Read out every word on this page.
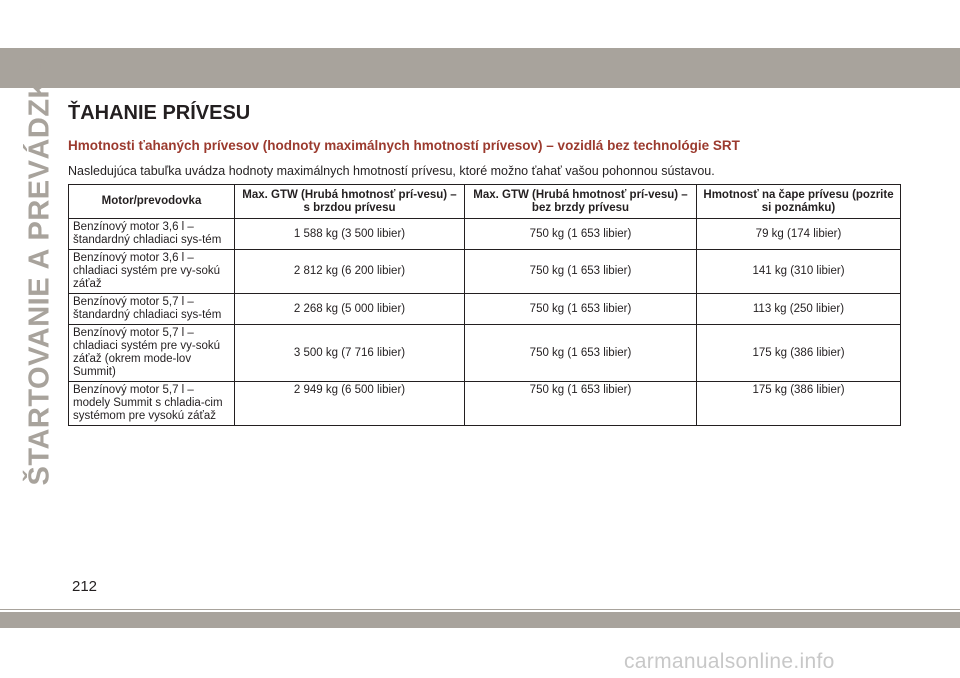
ŠTARTOVANIE A PREVÁDZKA ŤAHANIE PRÍVESU
Hmotnosti ťahaných prívesov (hodnoty maximálnych hmotností prívesov) – vozidlá bez technológie SRT

Nasledujúca tabuľka uvádza hodnoty maximálnych hmotností prívesu, ktoré možno ťahať vašou pohonnou sústavou.

Motor/prevodovka	Max. GTW (Hrubá hmotnosť prí-vesu) – s brzdou prívesu	Max. GTW (Hrubá hmotnosť prí-vesu) – bez brzdy prívesu	Hmotnosť na čape prívesu (pozrite si poznámku)
Benzínový motor 3,6 l – štandardný chladiaci sys-tém	1 588 kg (3 500 libier)	750 kg (1 653 libier)	79 kg (174 libier)
Benzínový motor 3,6 l – chladiaci systém pre vy-sokú záťaž	2 812 kg (6 200 libier)	750 kg (1 653 libier)	141 kg (310 libier)
Benzínový motor 5,7 l – štandardný chladiaci sys-tém	2 268 kg (5 000 libier)	750 kg (1 653 libier)	113 kg (250 libier)
Benzínový motor 5,7 l – chladiaci systém pre vy-sokú záťaž (okrem mode-lov Summit)	3 500 kg (7 716 libier)	750 kg (1 653 libier)	175 kg (386 libier)
Benzínový motor 5,7 l – modely Summit s chladia-cim systémom pre vysokú záťaž	2 949 kg (6 500 libier)	750 kg (1 653 libier)	175 kg (386 libier)
212
carmanualsonline.info
